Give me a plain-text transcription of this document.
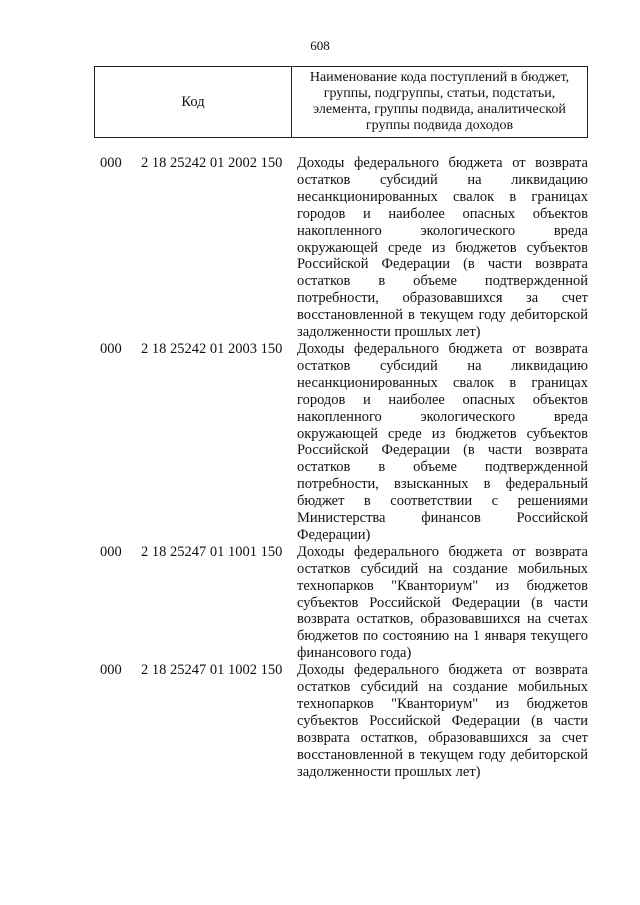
608
Код
Наименование кода поступлений в бюджет, группы, подгруппы, статьи, подстатьи, элемента, группы подвида, аналитической группы подвида доходов
000 2 18 25242 01 2002 150 Доходы федерального бюджета от возврата остатков субсидий на ликвидацию несанкционированных свалок в границах городов и наиболее опасных объектов накопленного экологического вреда окружающей среде из бюджетов субъектов Российской Федерации (в части возврата остатков в объеме подтвержденной потребности, образовавшихся за счет восстановленной в текущем году дебиторской задолженности прошлых лет)
000 2 18 25242 01 2003 150 Доходы федерального бюджета от возврата остатков субсидий на ликвидацию несанкционированных свалок в границах городов и наиболее опасных объектов накопленного экологического вреда окружающей среде из бюджетов субъектов Российской Федерации (в части возврата остатков в объеме подтвержденной потребности, взысканных в федеральный бюджет в соответствии с решениями Министерства финансов Российской Федерации)
000 2 18 25247 01 1001 150 Доходы федерального бюджета от возврата остатков субсидий на создание мобильных технопарков "Кванториум" из бюджетов субъектов Российской Федерации (в части возврата остатков, образовавшихся на счетах бюджетов по состоянию на 1 января текущего финансового года)
000 2 18 25247 01 1002 150 Доходы федерального бюджета от возврата остатков субсидий на создание мобильных технопарков "Кванториум" из бюджетов субъектов Российской Федерации (в части возврата остатков, образовавшихся за счет восстановленной в текущем году дебиторской задолженности прошлых лет)
